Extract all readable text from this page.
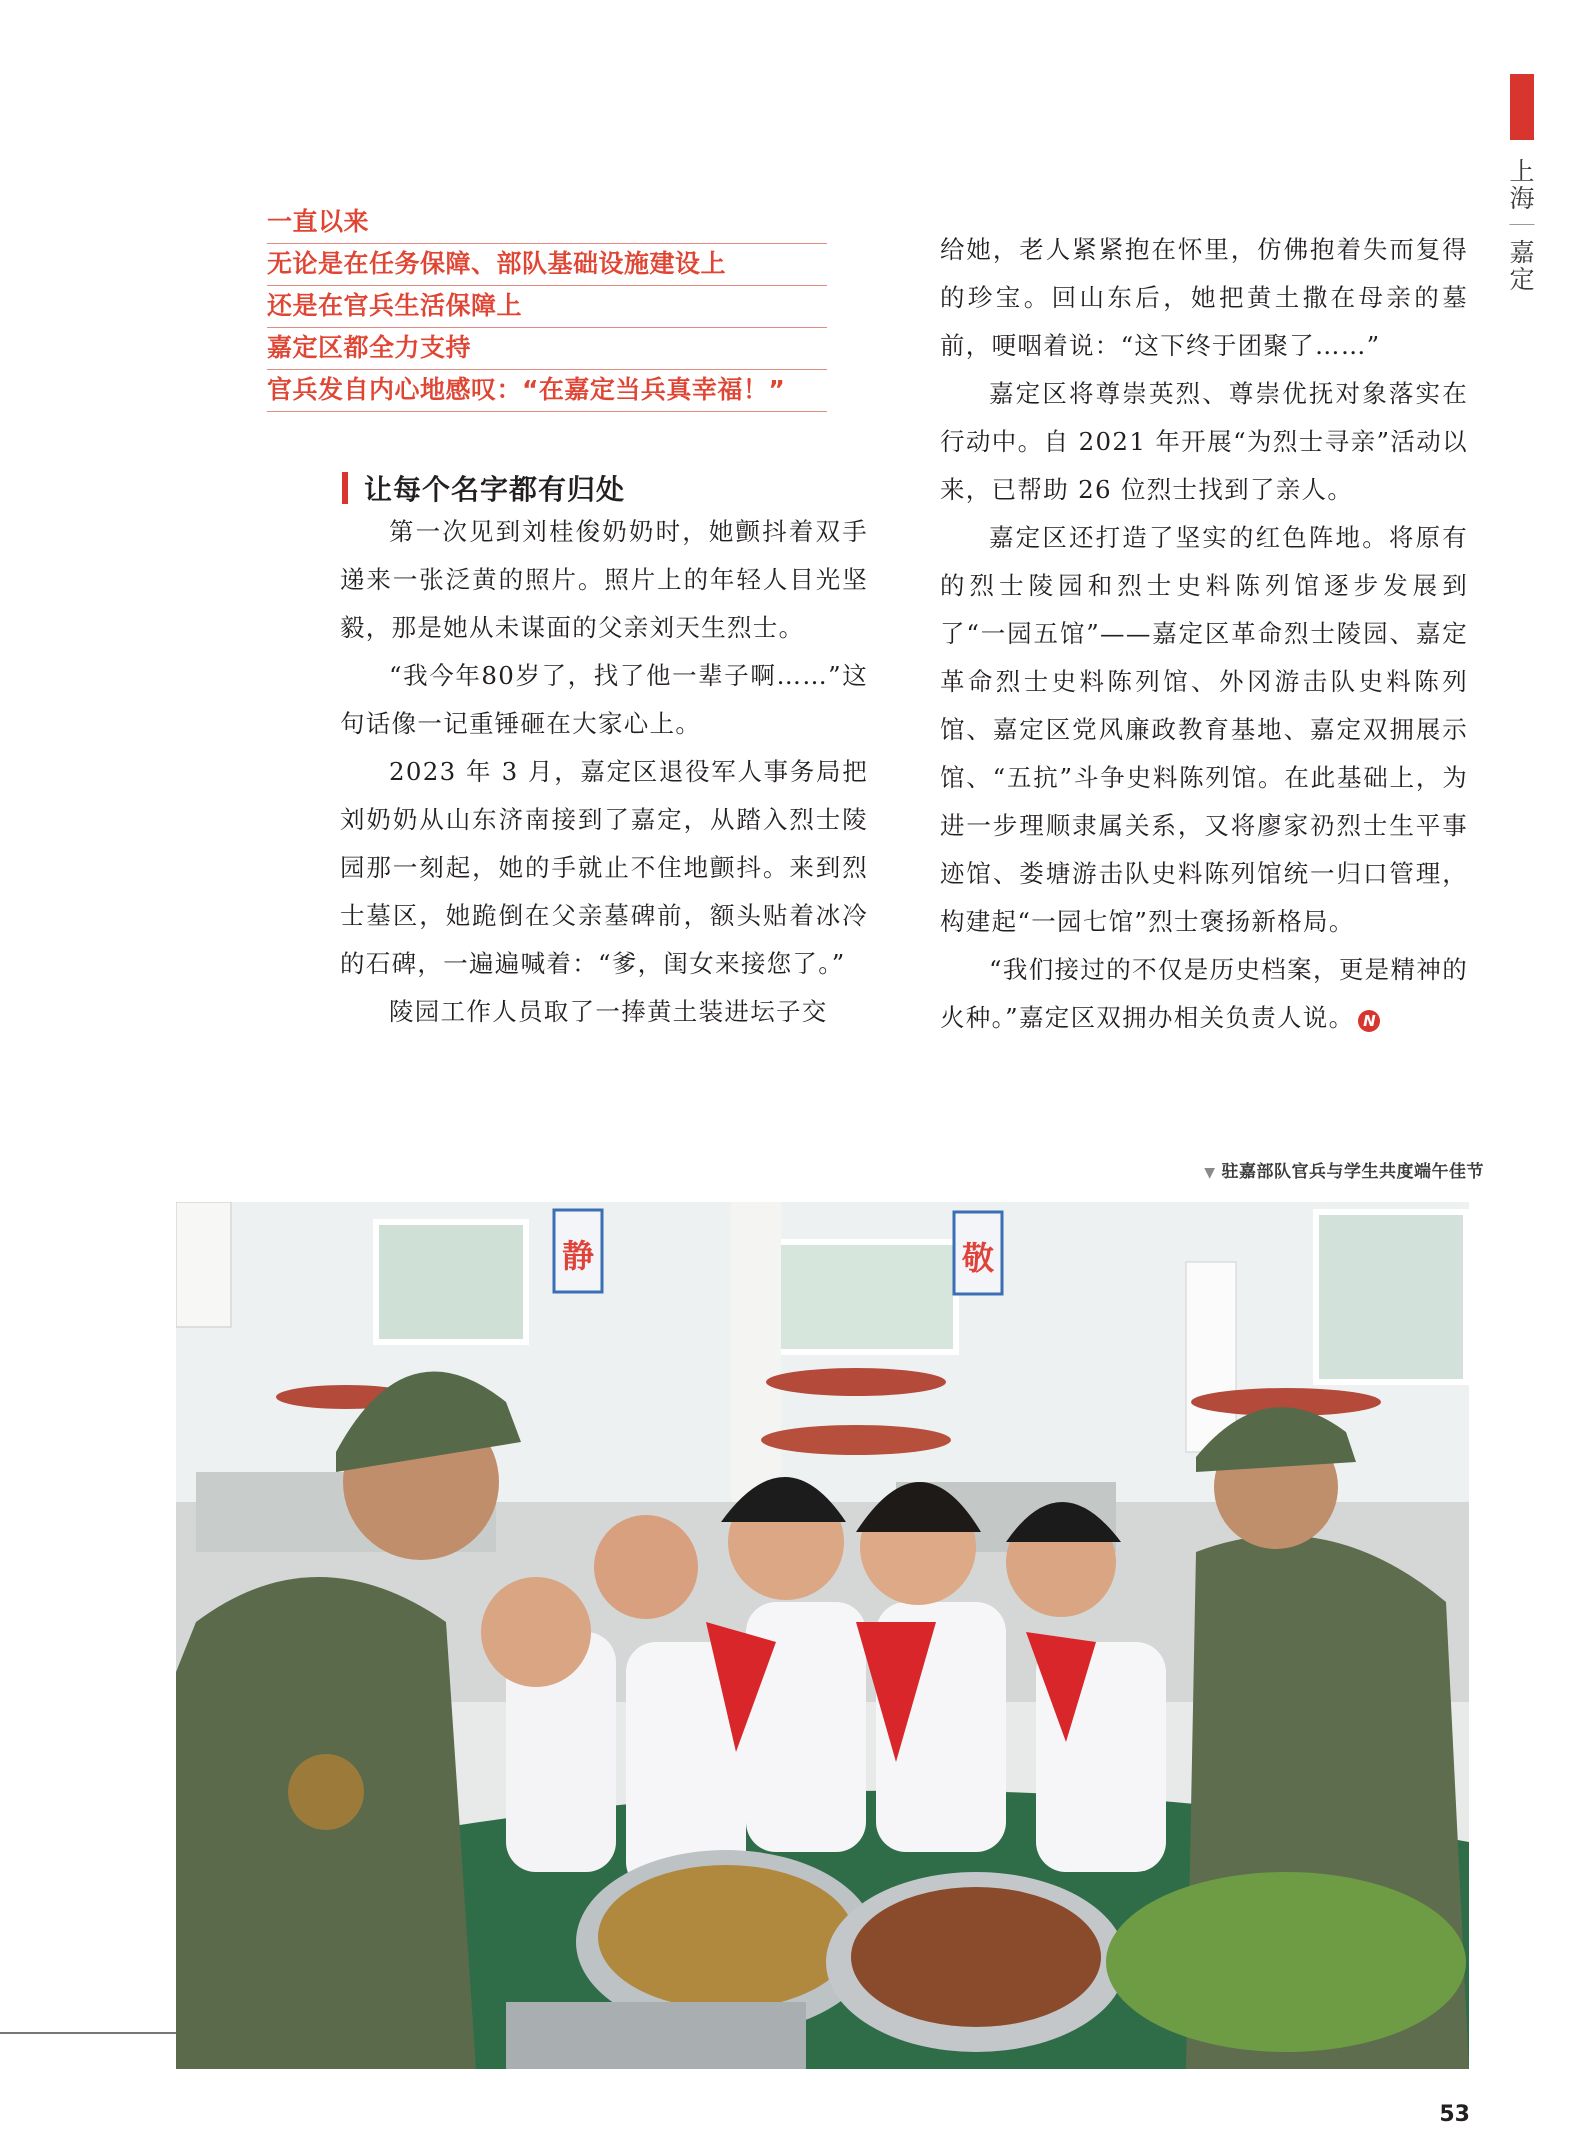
上海｜嘉定
一直以来
无论是在任务保障、部队基础设施建设上
还是在官兵生活保障上
嘉定区都全力支持
官兵发自内心地感叹：“在嘉定当兵真幸福！”
让每个名字都有归处

第一次见到刘桂俊奶奶时，她颤抖着双手递来一张泛黄的照片。照片上的年轻人目光坚毅，那是她从未谋面的父亲刘天生烈士。

“我今年80岁了，找了他一辈子啊……”这句话像一记重锤砸在大家心上。

2023 年 3 月，嘉定区退役军人事务局把刘奶奶从山东济南接到了嘉定，从踏入烈士陵园那一刻起，她的手就止不住地颤抖。来到烈士墓区，她跪倒在父亲墓碑前，额头贴着冰冷的石碑，一遍遍喊着：“爹，闺女来接您了。”

陵园工作人员取了一捧黄土装进坛子交

给她，老人紧紧抱在怀里，仿佛抱着失而复得的珍宝。回山东后，她把黄土撒在母亲的墓前，哽咽着说：“这下终于团聚了……”

嘉定区将尊崇英烈、尊崇优抚对象落实在行动中。自 2021 年开展“为烈士寻亲”活动以来，已帮助 26 位烈士找到了亲人。

嘉定区还打造了坚实的红色阵地。将原有的烈士陵园和烈士史料陈列馆逐步发展到了“一园五馆”——嘉定区革命烈士陵园、嘉定革命烈士史料陈列馆、外冈游击队史料陈列馆、嘉定区党风廉政教育基地、嘉定双拥展示馆、“五抗”斗争史料陈列馆。在此基础上，为进一步理顺隶属关系，又将廖家礽烈士生平事迹馆、娄塘游击队史料陈列馆统一归口管理，构建起“一园七馆”烈士褒扬新格局。

“我们接过的不仅是历史档案，更是精神的火种。”嘉定区双拥办相关负责人说。 N

▼ 驻嘉部队官兵与学生共度端午佳节
静	敬
53
